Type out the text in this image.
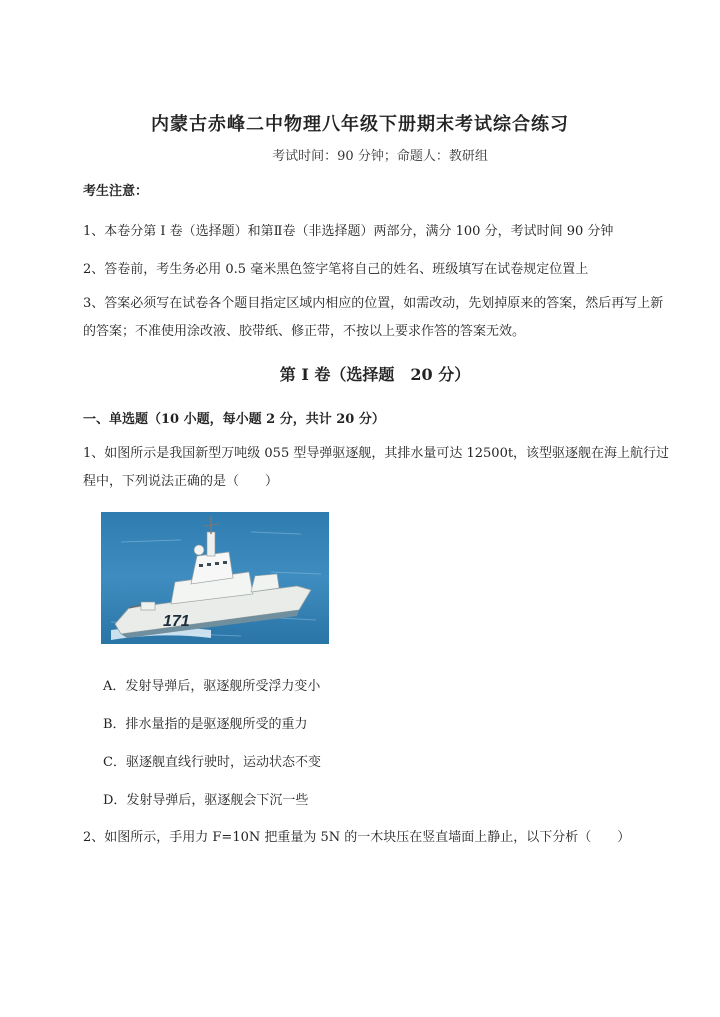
内蒙古赤峰二中物理八年级下册期末考试综合练习
考试时间：90 分钟；命题人：教研组
考生注意：
1、本卷分第 I 卷（选择题）和第Ⅱ卷（非选择题）两部分，满分 100 分，考试时间 90 分钟
2、答卷前，考生务必用 0.5 毫米黑色签字笔将自己的姓名、班级填写在试卷规定位置上
3、答案必须写在试卷各个题目指定区域内相应的位置，如需改动，先划掉原来的答案，然后再写上新的答案；不准使用涂改液、胶带纸、修正带，不按以上要求作答的答案无效。
第 I 卷（选择题　20 分）
一、单选题（10 小题，每小题 2 分，共计 20 分）
1、如图所示是我国新型万吨级 055 型导弹驱逐舰，其排水量可达 12500t，该型驱逐舰在海上航行过程中，下列说法正确的是（　　）
171
A．发射导弹后，驱逐舰所受浮力变小
B．排水量指的是驱逐舰所受的重力
C．驱逐舰直线行驶时，运动状态不变
D．发射导弹后，驱逐舰会下沉一些
2、如图所示，手用力 F=10N 把重量为 5N 的一木块压在竖直墙面上静止，以下分析（　　）
